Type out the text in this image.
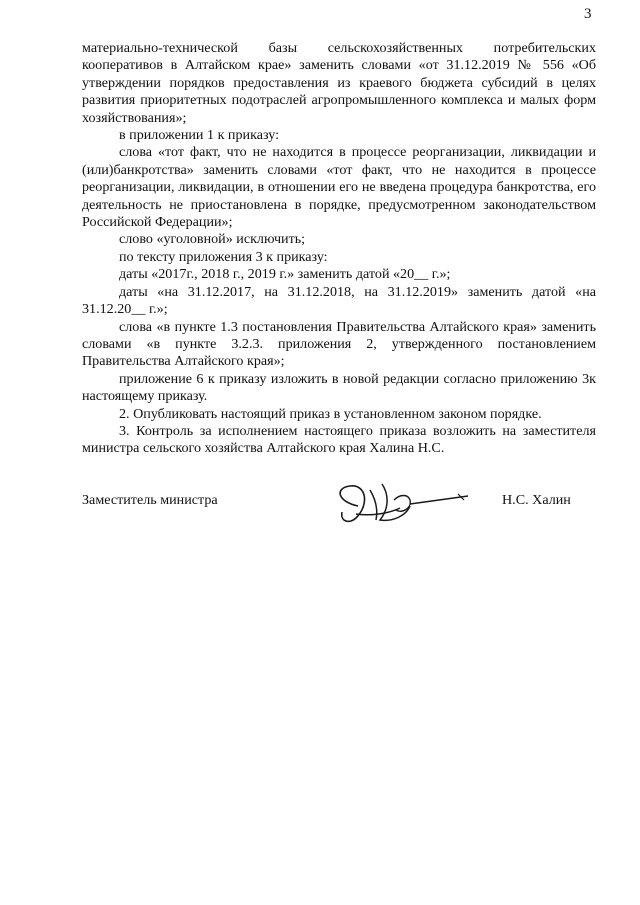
3

материально-технической базы сельскохозяйственных потребительских кооперативов в Алтайском крае» заменить словами «от 31.12.2019 № 556 «Об утверждении порядков предоставления из краевого бюджета субсидий в целях развития приоритетных подотраслей агропромышленного комплекса и малых форм хозяйствования»;

в приложении 1 к приказу:

слова «тот факт, что не находится в процессе реорганизации, ликвидации и (или)банкротства» заменить словами «тот факт, что не находится в процессе реорганизации, ликвидации, в отношении его не введена процедура банкротства, его деятельность не приостановлена в порядке, предусмотренном законодательством Российской Федерации»;

слово «уголовной» исключить;

по тексту приложения 3 к приказу:

даты «2017г., 2018 г., 2019 г.» заменить датой «20__ г.»;

даты «на 31.12.2017, на 31.12.2018, на 31.12.2019» заменить датой «на 31.12.20__ г.»;

слова «в пункте 1.3 постановления Правительства Алтайского края» заменить словами «в пункте 3.2.3. приложения 2, утвержденного постановлением Правительства Алтайского края»;

приложение 6 к приказу изложить в новой редакции согласно приложению 3к настоящему приказу.

2. Опубликовать настоящий приказ в установленном законом порядке.

3. Контроль за исполнением настоящего приказа возложить на заместителя министра сельского хозяйства Алтайского края Халина Н.С.

Заместитель министра	Н.С. Халин
